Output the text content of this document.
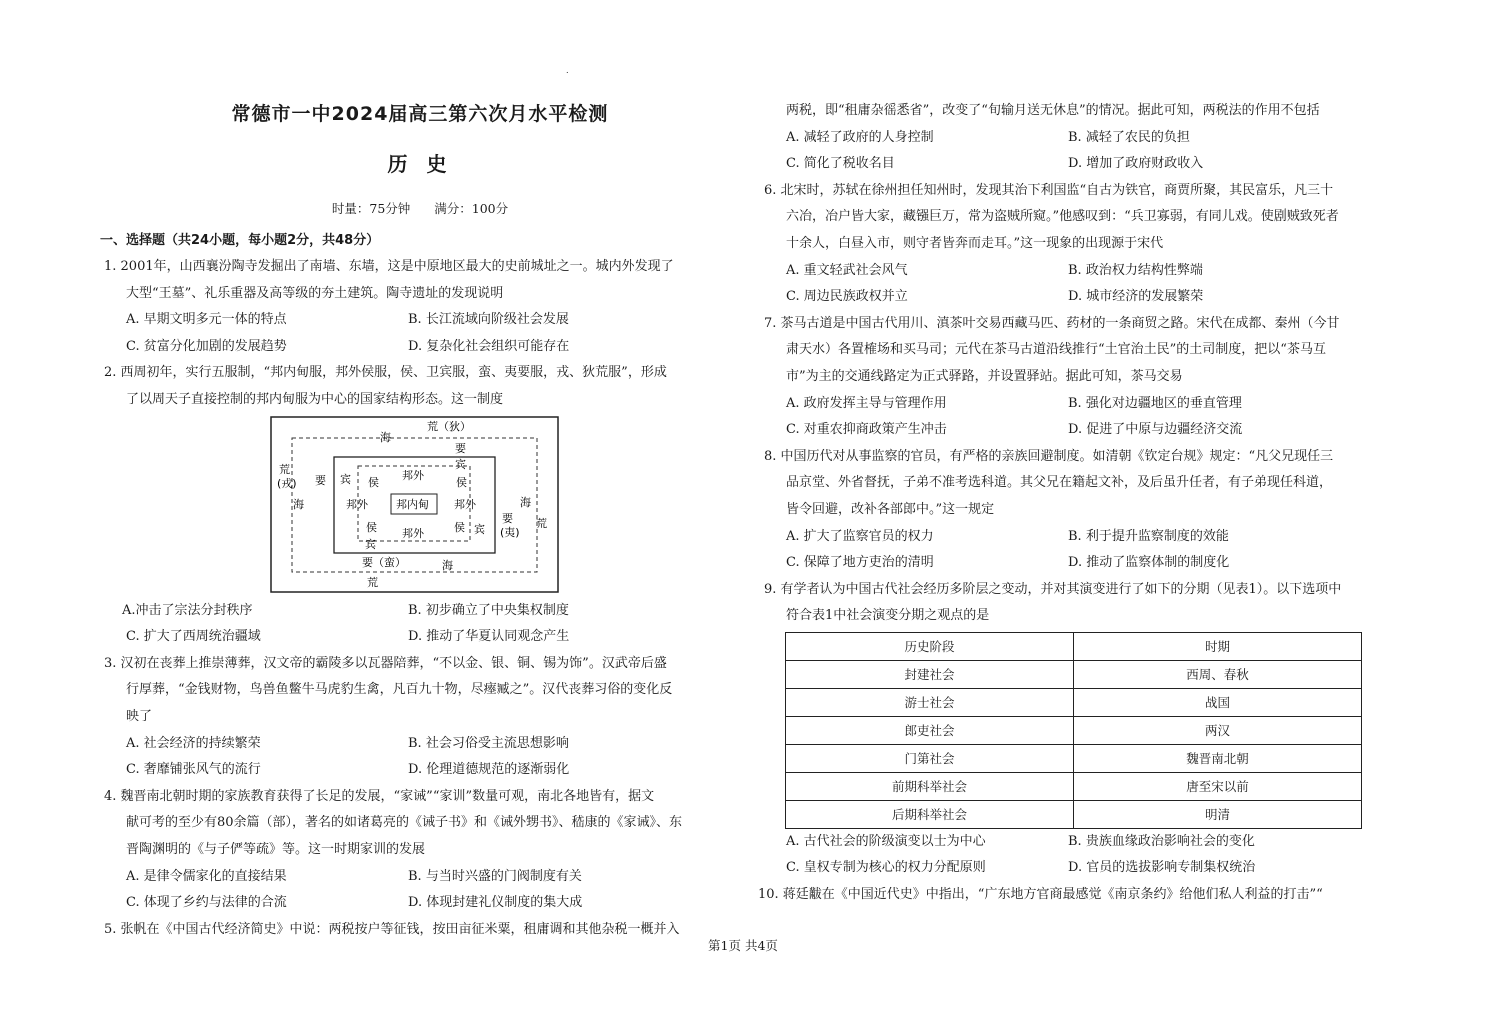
.
常德市一中2024届高三第六次月水平检测
历 史
时量：75分钟 满分：100分
一、选择题（共24小题，每小题2分，共48分）
1. 2001年，山西襄汾陶寺发掘出了南墙、东墙，这是中原地区最大的史前城址之一。城内外发现了
大型“王墓”、礼乐重器及高等级的夯土建筑。陶寺遗址的发现说明
A. 早期文明多元一体的特点	B. 长江流域向阶级社会发展
C. 贫富分化加剧的发展趋势	D. 复杂化社会组织可能存在
2. 西周初年，实行五服制，“邦内甸服，邦外侯服，侯、卫宾服，蛮、夷要服，戎、狄荒服”，形成
了以周天子直接控制的邦内甸服为中心的国家结构形态。这一制度
邦内甸
荒（狄）
海
要
宾
邦外
侯
宾	侯
要
荒
(戎)
海	邦外	邦外	海
荒
要
(夷)
侯	侯 宾
邦外
宾
要（蛮）	海
荒
A.冲击了宗法分封秩序	B. 初步确立了中央集权制度
C. 扩大了西周统治疆域	D. 推动了华夏认同观念产生
3. 汉初在丧葬上推崇薄葬，汉文帝的霸陵多以瓦器陪葬，“不以金、银、铜、锡为饰”。汉武帝后盛
行厚葬，“金钱财物，鸟兽鱼鳖牛马虎豹生禽，凡百九十物，尽瘞臧之”。汉代丧葬习俗的变化反
映了
A. 社会经济的持续繁荣	B. 社会习俗受主流思想影响
C. 奢靡铺张风气的流行	D. 伦理道德规范的逐渐弱化
4. 魏晋南北朝时期的家族教育获得了长足的发展，“家诫”“家训”数量可观，南北各地皆有，据文
献可考的至少有80余篇（部），著名的如诸葛亮的《诫子书》和《诫外甥书》、嵇康的《家诫》、东
晋陶渊明的《与子俨等疏》等。这一时期家训的发展
A. 是律令儒家化的直接结果	B. 与当时兴盛的门阀制度有关
C. 体现了乡约与法律的合流	D. 体现封建礼仪制度的集大成
5. 张帆在《中国古代经济简史》中说：两税按户等征钱，按田亩征米粟，租庸调和其他杂税一概并入
两税，即“租庸杂徭悉省”，改变了“旬输月送无休息”的情况。据此可知，两税法的作用不包括
A. 减轻了政府的人身控制	B. 减轻了农民的负担
C. 简化了税收名目	D. 增加了政府财政收入
6. 北宋时，苏轼在徐州担任知州时，发现其治下利国监“自古为铁官，商贾所聚，其民富乐，凡三十
六冶，冶户皆大家，藏镪巨万，常为盗贼所窥。”他感叹到：“兵卫寡弱，有同儿戏。使剧贼致死者
十余人，白昼入市，则守者皆奔而走耳。”这一现象的出现源于宋代
A. 重文轻武社会风气	B. 政治权力结构性弊端
C. 周边民族政权并立	D. 城市经济的发展繁荣
7. 茶马古道是中国古代用川、滇茶叶交易西藏马匹、药材的一条商贸之路。宋代在成都、秦州（今甘
肃天水）各置榷场和买马司；元代在茶马古道沿线推行“土官治土民”的土司制度，把以“茶马互
市”为主的交通线路定为正式驿路，并设置驿站。据此可知，茶马交易
A. 政府发挥主导与管理作用	B. 强化对边疆地区的垂直管理
C. 对重农抑商政策产生冲击	D. 促进了中原与边疆经济交流
8. 中国历代对从事监察的官员，有严格的亲族回避制度。如清朝《钦定台规》规定：“凡父兄现任三
品京堂、外省督抚，子弟不准考选科道。其父兄在籍起文补，及后虽升任者，有子弟现任科道，
皆令回避，改补各部郎中。”这一规定
A. 扩大了监察官员的权力	B. 利于提升监察制度的效能
C. 保障了地方吏治的清明	D. 推动了监察体制的制度化
9. 有学者认为中国古代社会经历多阶层之变动，并对其演变进行了如下的分期（见表1）。以下选项中
符合表1中社会演变分期之观点的是
历史阶段	时期
封建社会	西周、春秋
游士社会	战国
郎吏社会	两汉
门第社会	魏晋南北朝
前期科举社会	唐至宋以前
后期科举社会	明清
A. 古代社会的阶级演变以士为中心	B. 贵族血缘政治影响社会的变化
C. 皇权专制为核心的权力分配原则	D. 官员的选拔影响专制集权统治
10. 蒋廷黻在《中国近代史》中指出，“广东地方官商最感觉《南京条约》给他们私人利益的打击”“
第1页 共4页
